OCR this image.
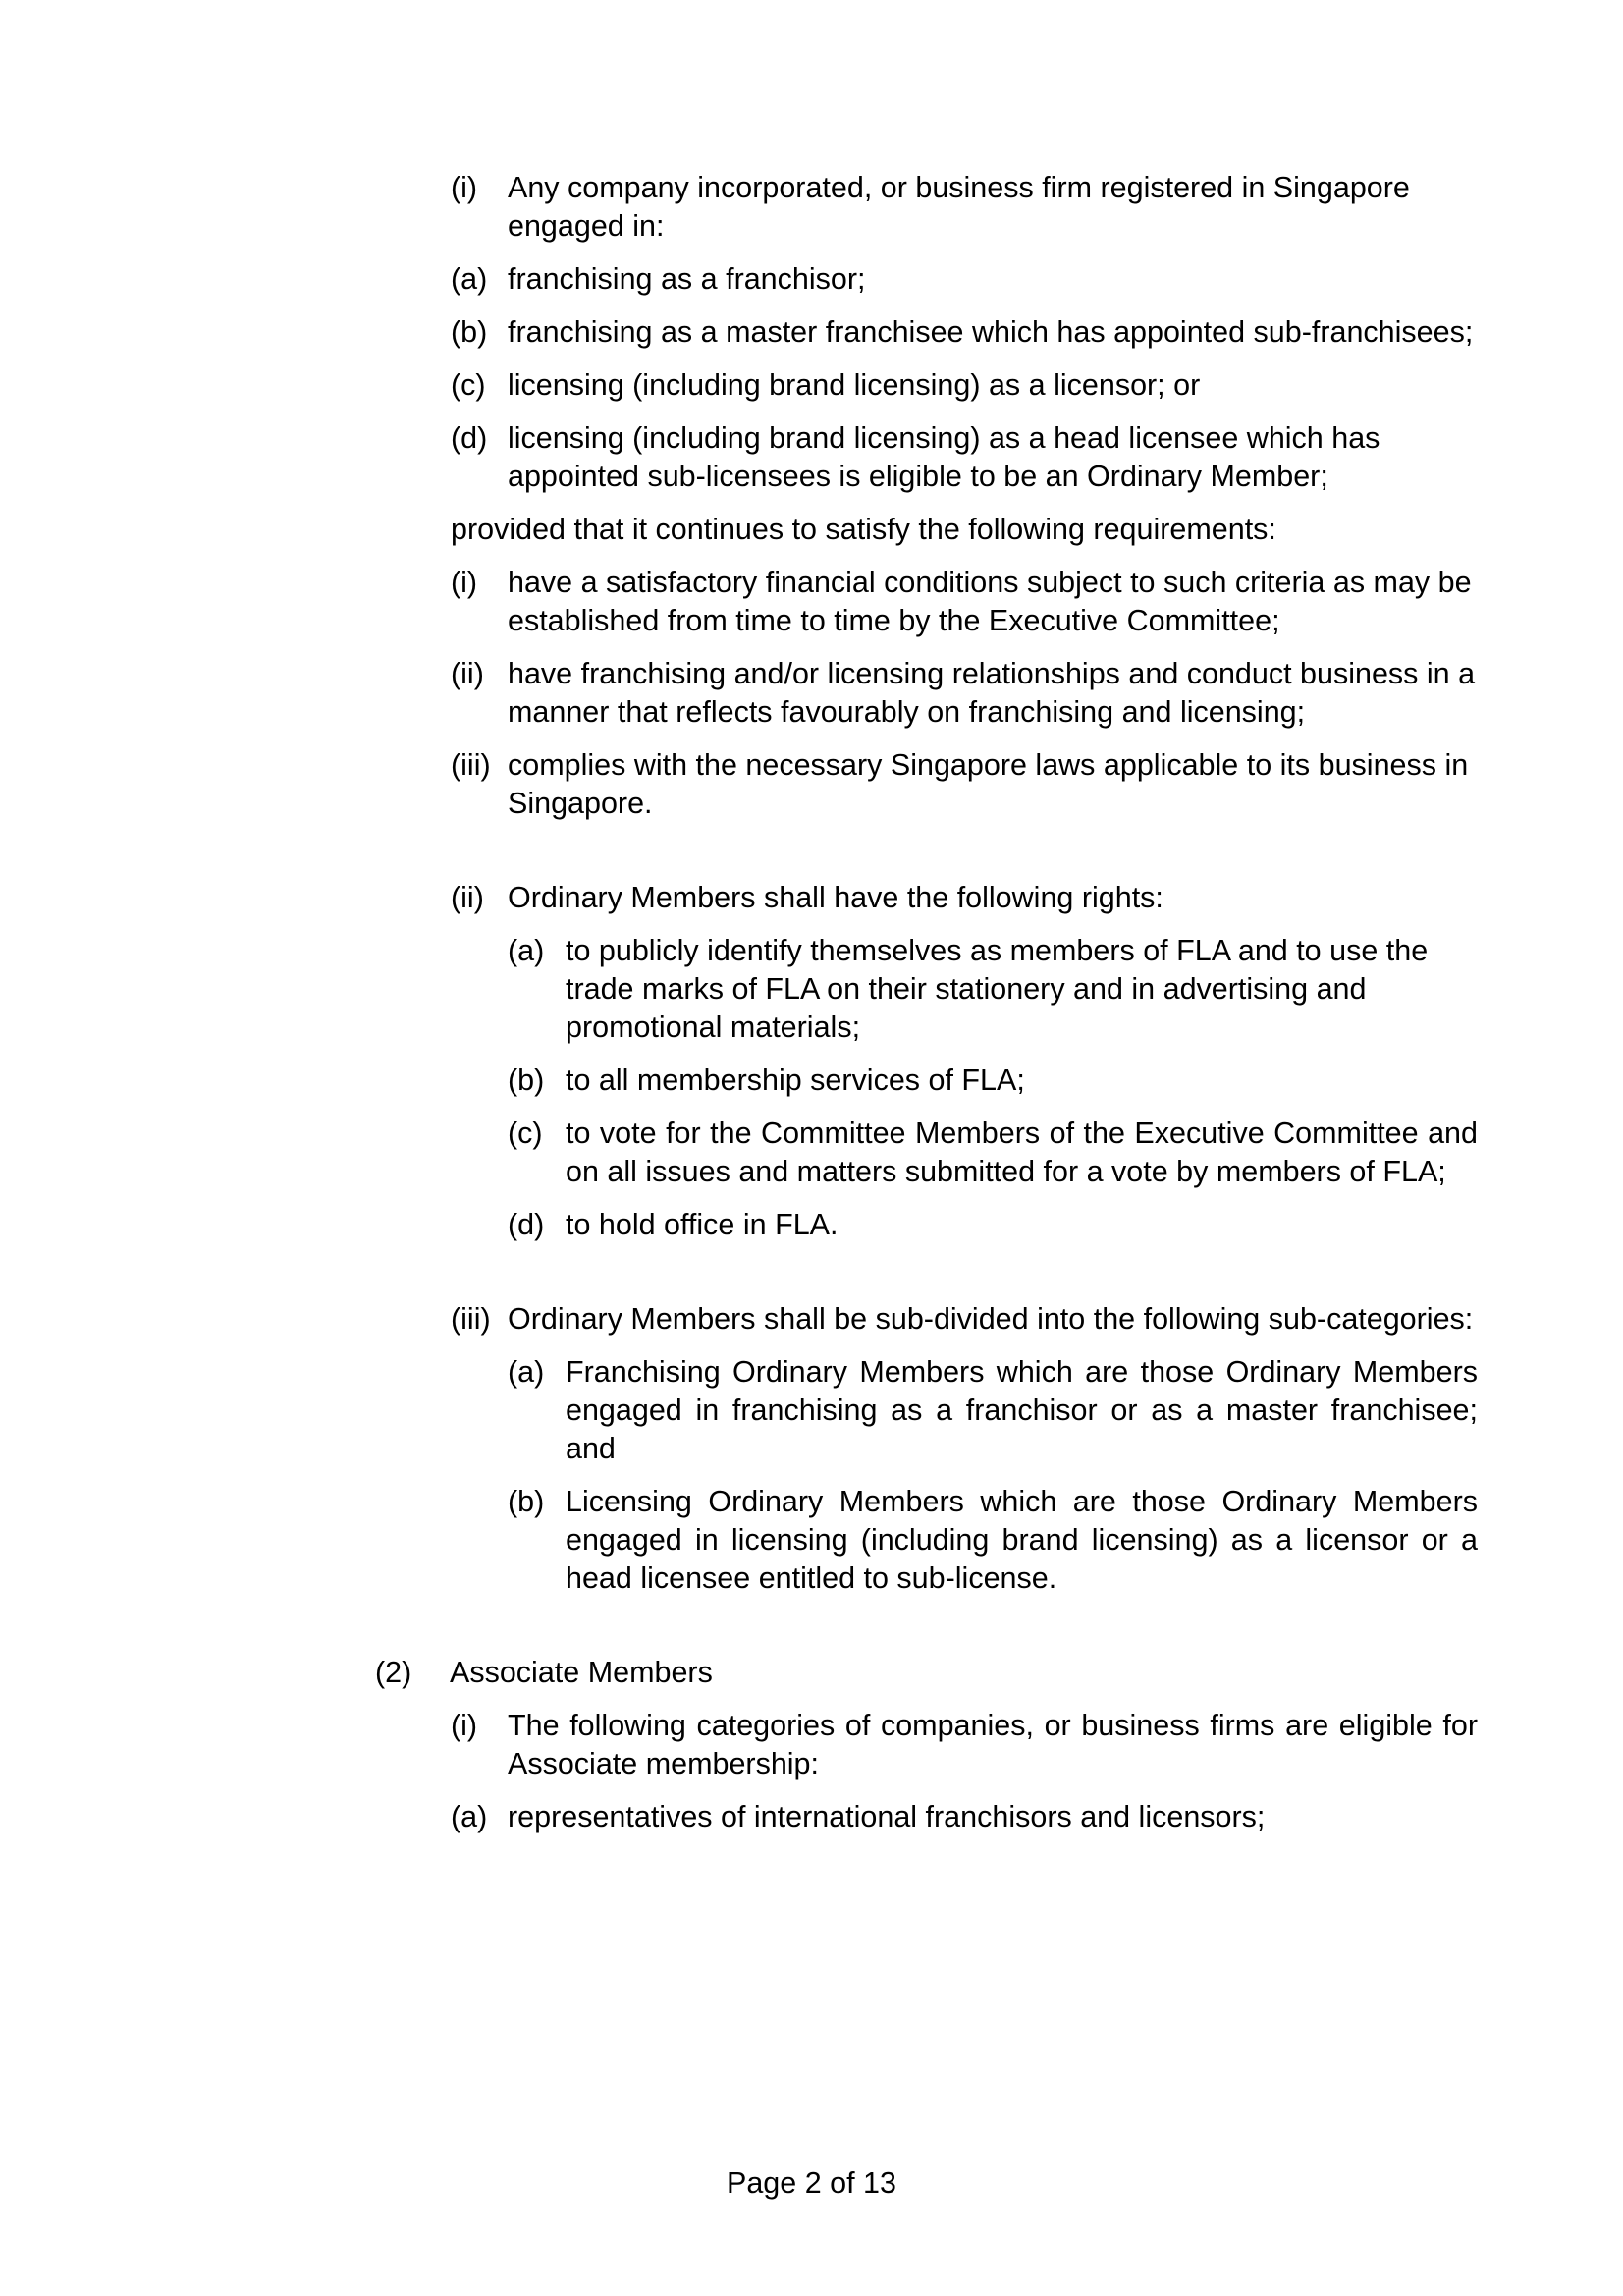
(i)	Any company incorporated, or business firm registered in Singapore engaged in:
(a) franchising as a franchisor;
(b) franchising as a master franchisee which has appointed sub-franchisees;
(c) licensing (including brand licensing) as a licensor; or
(d) licensing (including brand licensing) as a head licensee which has appointed sub-licensees is eligible to be an Ordinary Member;
provided that it continues to satisfy the following requirements:
(i)	have a satisfactory financial conditions subject to such criteria as may be established from time to time by the Executive Committee;
(ii) have franchising and/or licensing relationships and conduct business in a manner that reflects favourably on franchising and licensing;
(iii) complies with the necessary Singapore laws applicable to its business in Singapore.
(ii) Ordinary Members shall have the following rights:
(a) to publicly identify themselves as members of FLA and to use the trade marks of FLA on their stationery and in advertising and promotional materials;
(b) to all membership services of FLA;
(c) to vote for the Committee Members of the Executive Committee and on all issues and matters submitted for a vote by members of FLA;
(d) to hold office in FLA.
(iii) Ordinary Members shall be sub-divided into the following sub-categories:
(a) Franchising Ordinary Members which are those Ordinary Members engaged in franchising as a franchisor or as a master franchisee; and
(b) Licensing Ordinary Members which are those Ordinary Members engaged in licensing (including brand licensing) as a licensor or a head licensee entitled to sub-license.
(2)	Associate Members
(i)	The following categories of companies, or business firms are eligible for Associate membership:
(a) representatives of international franchisors and licensors;
Page 2 of 13
